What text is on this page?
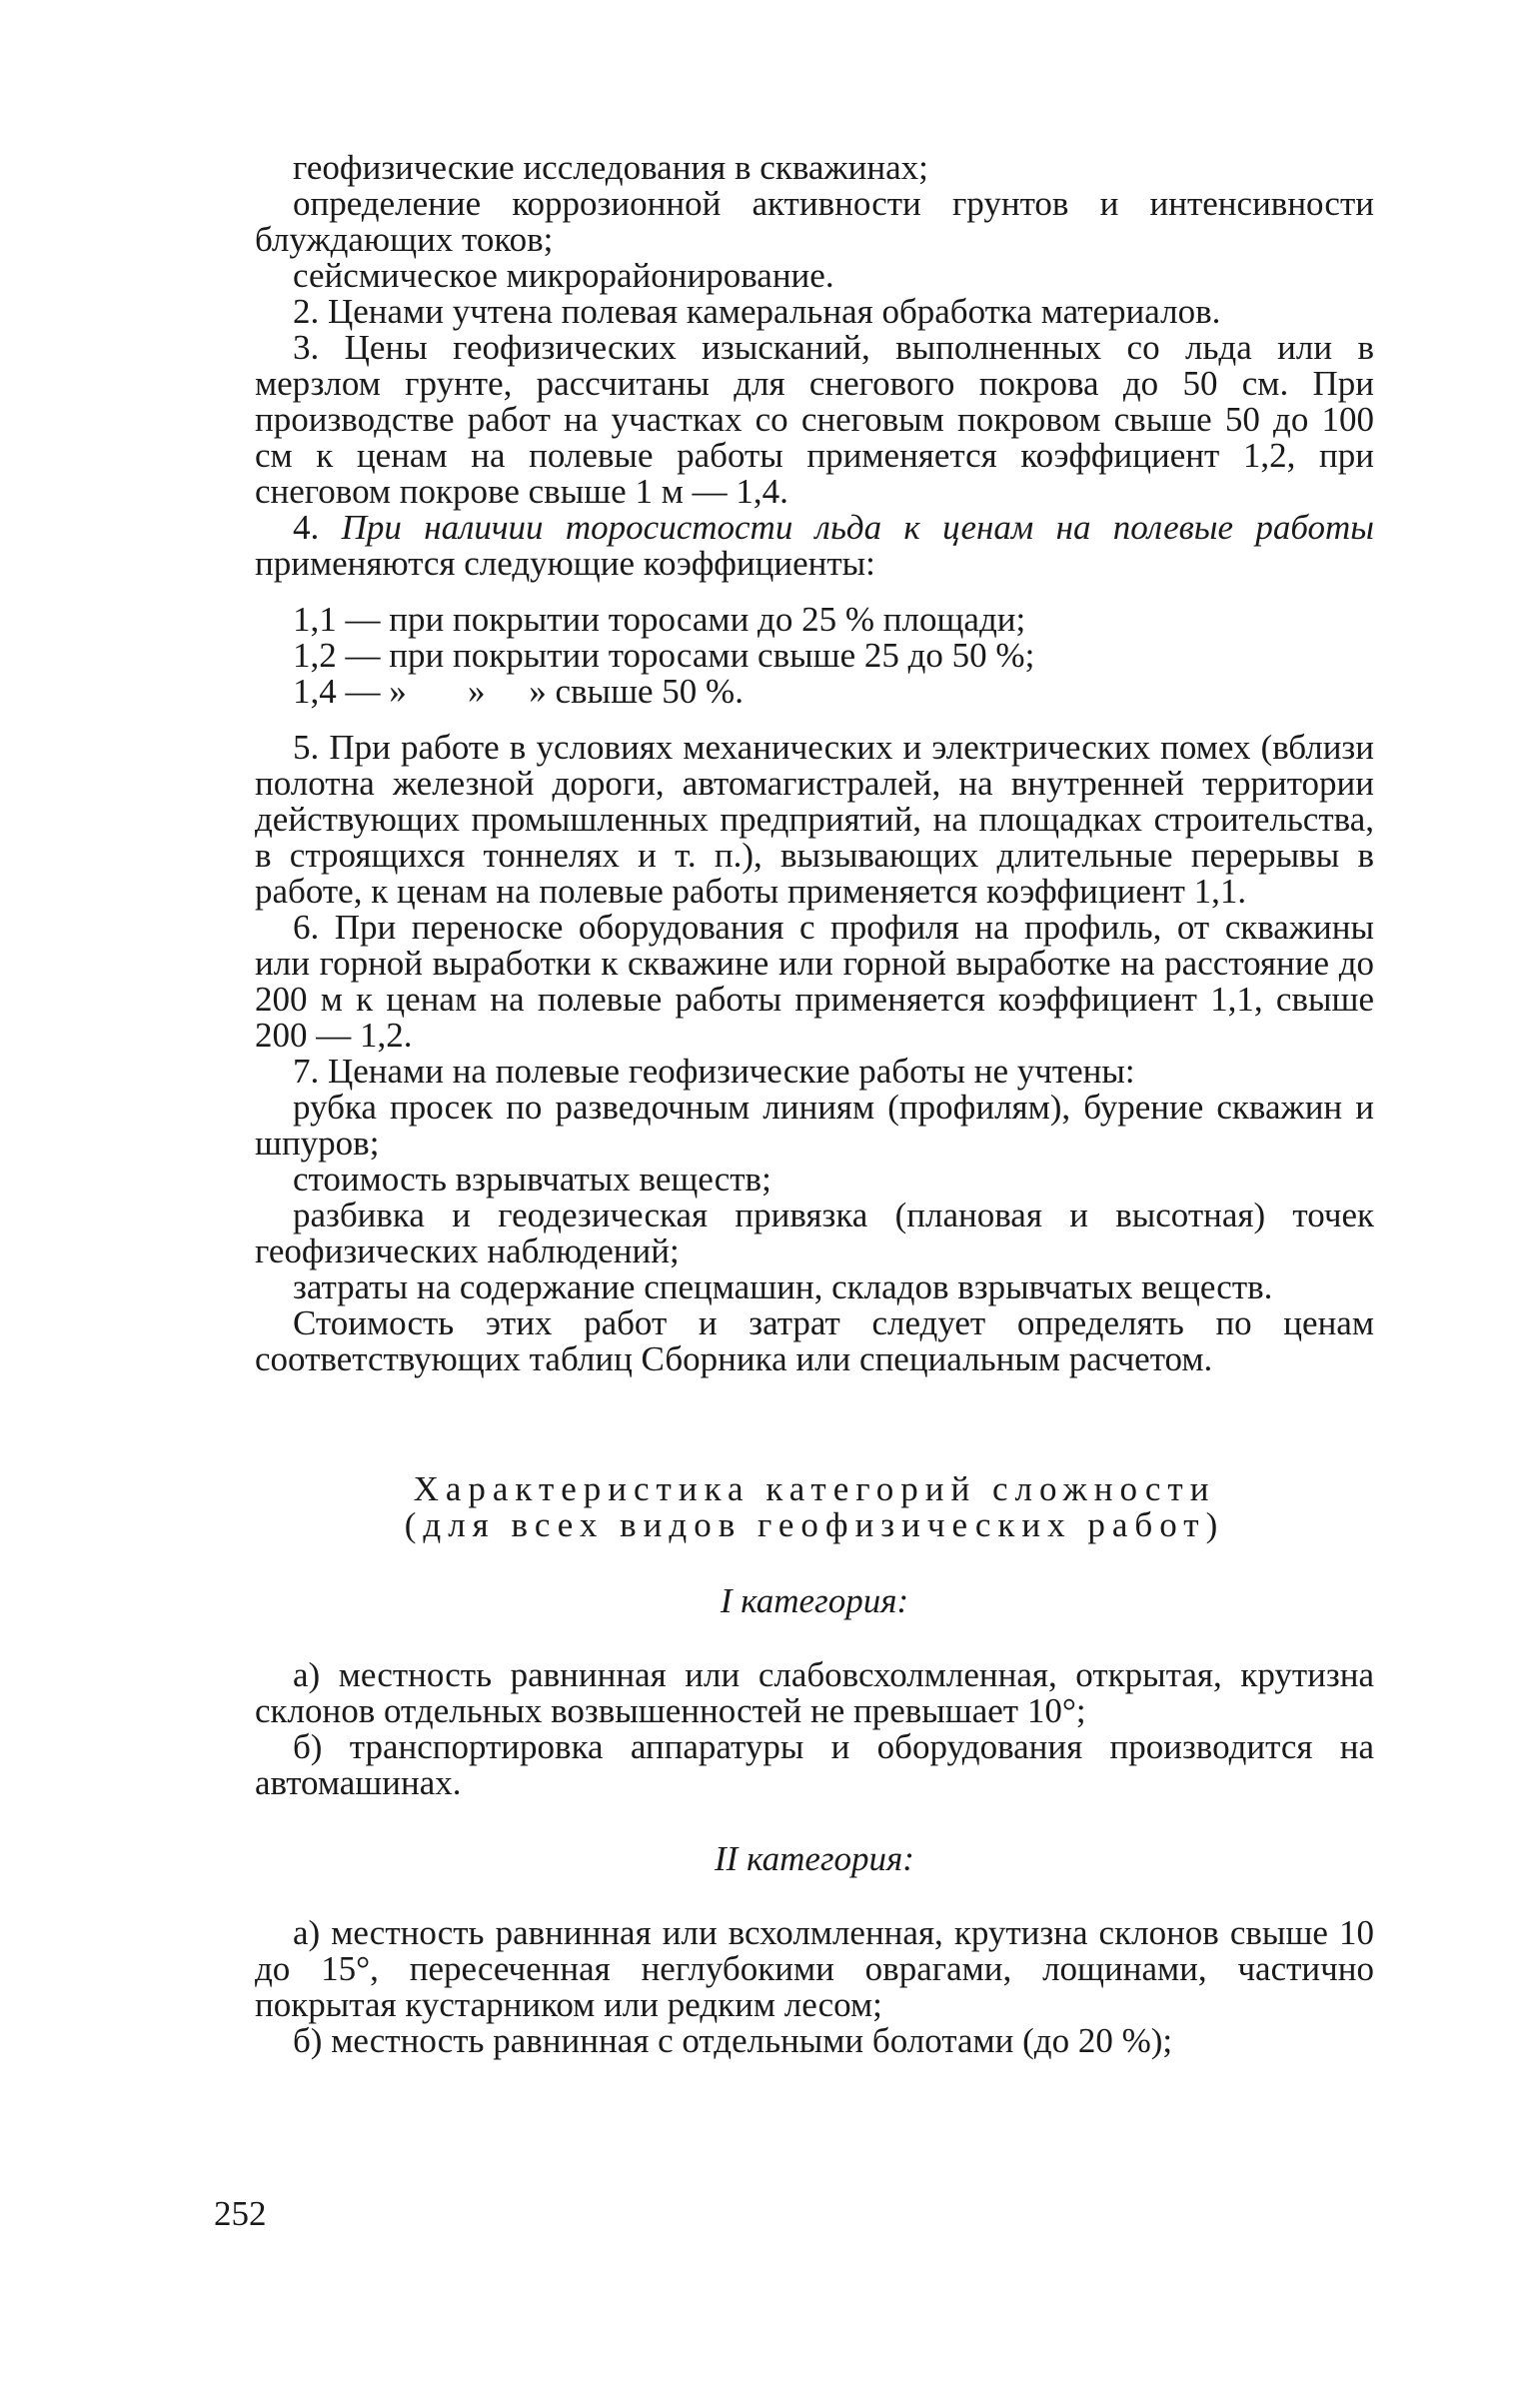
геофизические исследования в скважинах;

определение коррозионной активности грунтов и интенсивности блуждающих токов;

сейсмическое микрорайонирование.

2. Ценами учтена полевая камеральная обработка материалов.

3. Цены геофизических изысканий, выполненных со льда или в мерзлом грунте, рассчитаны для снегового покрова до 50 см. При производстве работ на участках со снеговым покровом свыше 50 до 100 см к ценам на полевые работы применяется коэффициент 1,2, при снеговом покрове свыше 1 м — 1,4.

4. При наличии торосистости льда к ценам на полевые работы применяются следующие коэффициенты:

1,1 — при покрытии торосами до 25 % площади;

1,2 — при покрытии торосами свыше 25 до 50 %;

1,4 — »       »     » свыше 50 %.

5. При работе в условиях механических и электрических помех (вблизи полотна железной дороги, автомагистралей, на внутренней территории действующих промышленных предприятий, на площадках строительства, в строящихся тоннелях и т. п.), вызывающих длительные перерывы в работе, к ценам на полевые работы применяется коэффициент 1,1.

6. При переноске оборудования с профиля на профиль, от скважины или горной выработки к скважине или горной выработке на расстояние до 200 м к ценам на полевые работы применяется коэффициент 1,1, свыше 200 — 1,2.

7. Ценами на полевые геофизические работы не учтены:

рубка просек по разведочным линиям (профилям), бурение скважин и шпуров;

стоимость взрывчатых веществ;

разбивка и геодезическая привязка (плановая и высотная) точек геофизических наблюдений;

затраты на содержание спецмашин, складов взрывчатых веществ.

Стоимость этих работ и затрат следует определять по ценам соответствующих таблиц Сборника или специальным расчетом.

Характеристика категорий сложности

(для всех видов геофизических работ)

I категория:

а) местность равнинная или слабовсхолмленная, открытая, крутизна склонов отдельных возвышенностей не превышает 10°;

б) транспортировка аппаратуры и оборудования производится на автомашинах.

II категория:

а) местность равнинная или всхолмленная, крутизна склонов свыше 10 до 15°, пересеченная неглубокими оврагами, лощинами, частично покрытая кустарником или редким лесом;

б) местность равнинная с отдельными болотами (до 20 %);

252
